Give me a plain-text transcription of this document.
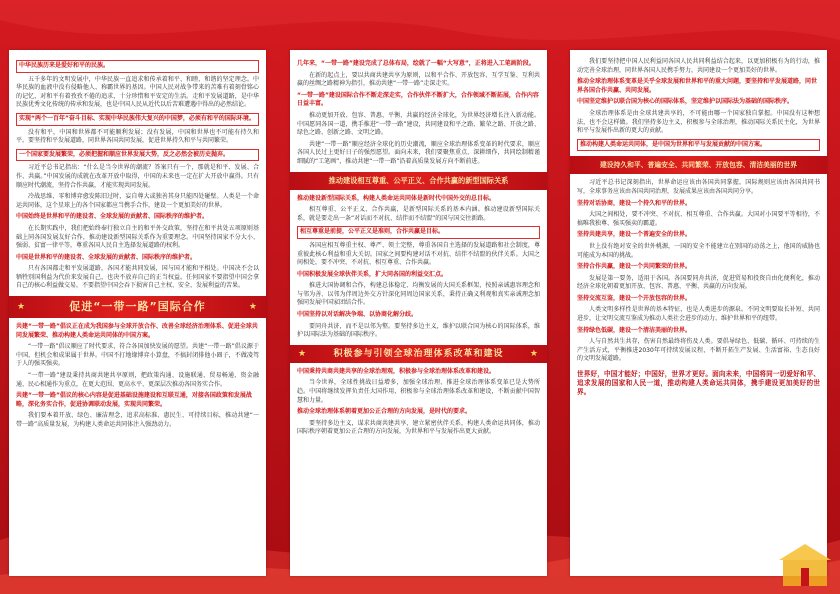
中华民族历来是爱好和平的民族。

五千多年的文明发展中，中华民族一直追求和传承着和平、和睦、和谐的坚定理念。中华民族的血液中没有侵略他人、称霸世界的基因。中国人民对战争带来的苦难有着刻骨铭心的记忆，对和平有着孜孜不倦的追求，十分珍惜和平安定的生活。走和平发展道路，是中华民族优秀文化传统的传承和发展，也是中国人民从近代以后苦难遭遇中得出的必然结论。

实现“两个一百年”奋斗目标、实现中华民族伟大复兴的中国梦，必须有和平的国际环境。

没有和平，中国和世界都不可能顺利发展；没有发展，中国和世界也不可能有持久和平。要坚持和平发展道路，同世界各国共同发展，促进世界持久和平与共同繁荣。

一个国家要发展繁荣，必须把握和顺应世界发展大势，反之必然会被历史抛弃。

习近平总书记指出：“什么是当今世界的潮流？答案只有一个，那就是和平、发展、合作、共赢。”中国发展的成就在改革开放中取得，中国的未来也一定在扩大开放中赢得。只有顺应时代潮流，坚持合作共赢，才能实现共同发展。

冷战思维、零和博弈愈发陈旧过时，妄自尊大或独善其身只能四处碰壁。人类是一个命运共同体，这个星球上的各个国家都应当携手合作，建设一个更加美好的世界。

中国始终是世界和平的建设者、全球发展的贡献者、国际秩序的维护者。

在长期实践中，我们把始终奉行独立自主的和平外交政策，坚持在和平共处五项原则基础上同各国发展友好合作，推动建设新型国际关系作为重要理念。中国坚持国家不分大小、强弱、贫富一律平等，尊重各国人民自主选择发展道路的权利。

中国是世界和平的建设者、全球发展的贡献者、国际秩序的维护者。

只有各国都走和平发展道路，各国才能共同发展，国与国才能和平相处。中国决不会以牺牲别国利益为代价来发展自己，也决不放弃自己的正当权益。任何国家不要指望中国会拿自己的核心利益做交易，不要指望中国会吞下损害自己主权、安全、发展利益的苦果。

★	促进“一带一路”国际合作	★

共建“一带一路”倡议正在成为我国参与全球开放合作、改善全球经济治理体系、促进全球共同发展繁荣、推动构建人类命运共同体的中国方案。

“一带一路”倡议顺应了时代要求，符合各国加快发展的愿望。共建“一带一路”倡议源于中国，但机会和成果属于世界。中国不打地缘博弈小算盘，不搞封闭排他小圈子，不做凌驾于人的强买强卖。

“一带一路”建设秉持共商共建共享原则，把政策沟通、设施联通、贸易畅通、资金融通、民心相通作为重点，在更大范围、更高水平、更深层次推动各国务实合作。

共建“一带一路”倡议的核心内容是促进基础设施建设和互联互通，对接各国政策和发展战略，深化务实合作，促进协调联动发展，实现共同繁荣。

我们要本着开放、绿色、廉洁理念，追求高标准、惠民生、可持续目标，推动共建“一带一路”高质量发展，为构建人类命运共同体注入强劲动力。

几年来，“一带一路”建设完成了总体布局，绘就了一幅“大写意”，正将进入工笔画阶段。

在新的起点上，要以共商共建共享为原则，以和平合作、开放包容、互学互鉴、互利共赢的丝绸之路精神为指引，推动共建“一带一路”走深走实。

“一带一路”建设国际合作不断走深走实，合作伙伴不断扩大，合作领域不断拓展，合作内容日益丰富。

推动更加开放、包容、普惠、平衡、共赢的经济全球化，为世界经济增长注入新动能。中国愿同各国一道，携手推进“一带一路”建设，共同建设和平之路、繁荣之路、开放之路、绿色之路、创新之路、文明之路。

共建“一带一路”顺应经济全球化的历史潮流，顺应全球治理体系变革的时代要求，顺应各国人民过上更好日子的强烈愿望。面向未来，我们要聚焦重点、深耕细作，共同绘制精谨细腻的“工笔画”，推动共建“一带一路”沿着高质量发展方向不断前进。

推动建设相互尊重、公平正义、合作共赢的新型国际关系

推动建设新型国际关系，构建人类命运共同体是新时代中国外交的总目标。

相互尊重、公平正义、合作共赢，是新型国际关系的基本内涵。推动建设新型国际关系，就是要走出一条“对话而不对抗、结伴而不结盟”的国与国交往新路。

相互尊重是前提，公平正义是准则，合作共赢是目标。

各国应相互尊重主权、尊严、领土完整，尊重各国自主选择的发展道路和社会制度，尊重彼此核心利益和重大关切。国家之间要构建对话不对抗、结伴不结盟的伙伴关系。大国之间相处，要不冲突、不对抗、相互尊重、合作共赢。

中国积极发展全球伙伴关系，扩大同各国的利益交汇点。

推进大国协调和合作，构建总体稳定、均衡发展的大国关系框架，按照亲诚惠容理念和与邻为善、以邻为伴周边外交方针深化同周边国家关系，秉持正确义利观和真实亲诚理念加强同发展中国家团结合作。

中国坚持以对话解决争端、以协商化解分歧。

要同舟共济，而不是以邻为壑。要坚持多边主义，维护以联合国为核心的国际体系，维护以国际法为基础的国际秩序。

★	积极参与引领全球治理体系改革和建设	★

中国秉持共商共建共享的全球治理观，积极参与全球治理体系改革和建设。

当今世界，全球性挑战日益增多，加强全球治理、推进全球治理体系变革已是大势所趋。中国将继续发挥负责任大国作用，积极参与全球治理体系改革和建设，不断贡献中国智慧和力量。

推动全球治理体系朝着更加公正合理的方向发展，是时代的要求。

要坚持多边主义，谋求共商共建共享，建立紧密伙伴关系，构建人类命运共同体，推动国际秩序朝着更加公正合理的方向发展，为世界和平与发展作出更大贡献。

我们要坚持把中国人民利益同各国人民共同利益结合起来，以更加积极有为的行动，推动完善全球治理，同世界各国人民携手努力，共同建设一个更加美好的世界。

推动全球治理体系变革是关乎全球发展和世界和平的重大问题，要坚持和平发展道路，同世界各国合作共赢、共同发展。

中国坚定维护以联合国为核心的国际体系，坚定维护以国际法为基础的国际秩序。

全球治理体系是由全球共建共享的，不可能由哪一个国家独自掌握。中国没有这种想法，也不会这样做。我们坚持多边主义，积极参与全球治理，推动国际关系民主化，为世界和平与发展作出新的更大的贡献。

推动构建人类命运共同体，是中国为世界和平与发展贡献的中国方案。

建设持久和平、普遍安全、共同繁荣、开放包容、清洁美丽的世界

习近平总书记深刻指出，世界命运应该由各国共同掌握，国际规则应该由各国共同书写，全球事务应该由各国共同治理，发展成果应该由各国共同分享。

坚持对话协商，建设一个持久和平的世界。

大国之间相处，要不冲突、不对抗、相互尊重、合作共赢。大国对小国要平等相待，不搞唯我独尊、强买强卖的霸道。

坚持共建共享，建设一个普遍安全的世界。

世上没有绝对安全的世外桃源，一国的安全不能建立在别国的动荡之上，他国的威胁也可能成为本国的挑战。

坚持合作共赢，建设一个共同繁荣的世界。

发展是第一要务，适用于各国。各国要同舟共济，促进贸易和投资自由化便利化，推动经济全球化朝着更加开放、包容、普惠、平衡、共赢的方向发展。

坚持交流互鉴，建设一个开放包容的世界。

人类文明多样性是世界的基本特征，也是人类进步的源泉。不同文明要取长补短、共同进步，让文明交流互鉴成为推动人类社会进步的动力、维护世界和平的纽带。

坚持绿色低碳，建设一个清洁美丽的世界。

人与自然共生共存，伤害自然最终将伤及人类。要倡导绿色、低碳、循环、可持续的生产生活方式，平衡推进2030年可持续发展议程，不断开拓生产发展、生活富裕、生态良好的文明发展道路。

世界好，中国才能好；中国好，世界才更好。面向未来，中国将同一切爱好和平、追求发展的国家和人民一道，推动构建人类命运共同体，携手建设更加美好的世界。
